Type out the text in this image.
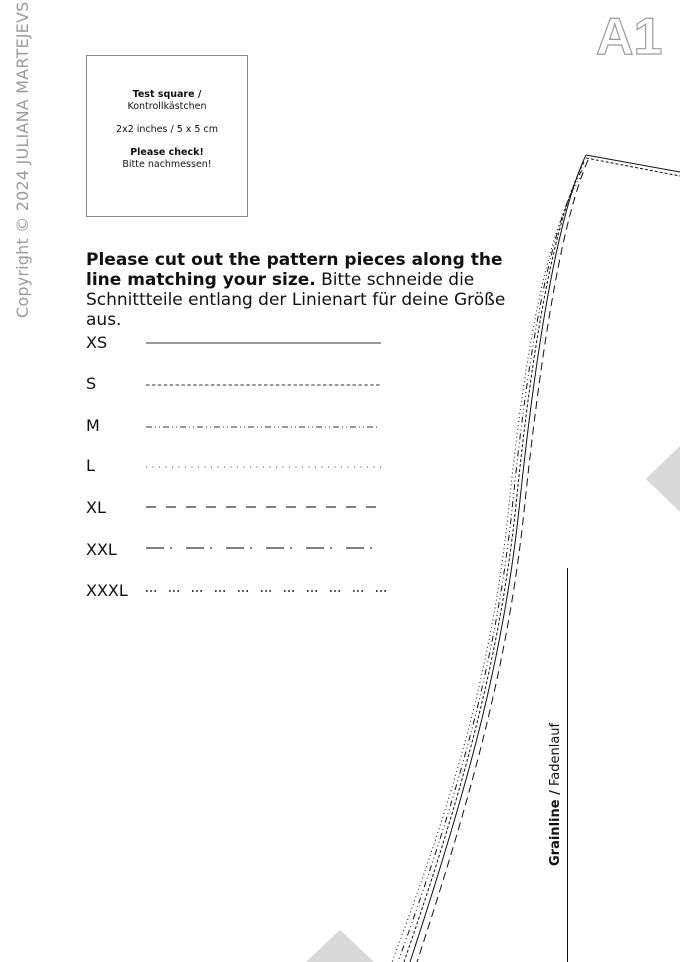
Copyright © 2024 JULIANA MARTEJEVS	A1
Test square /
Kontrollkästchen
2x2 inches / 5 x 5 cm
Please check!
Bitte nachmessen!
Please cut out the pattern pieces along the line matching your size. Bitte schneide die Schnittteile entlang der Linienart für deine Größe aus.
XS
S
M
L
XL
XXL
XXXL
Grainline / Fadenlauf
